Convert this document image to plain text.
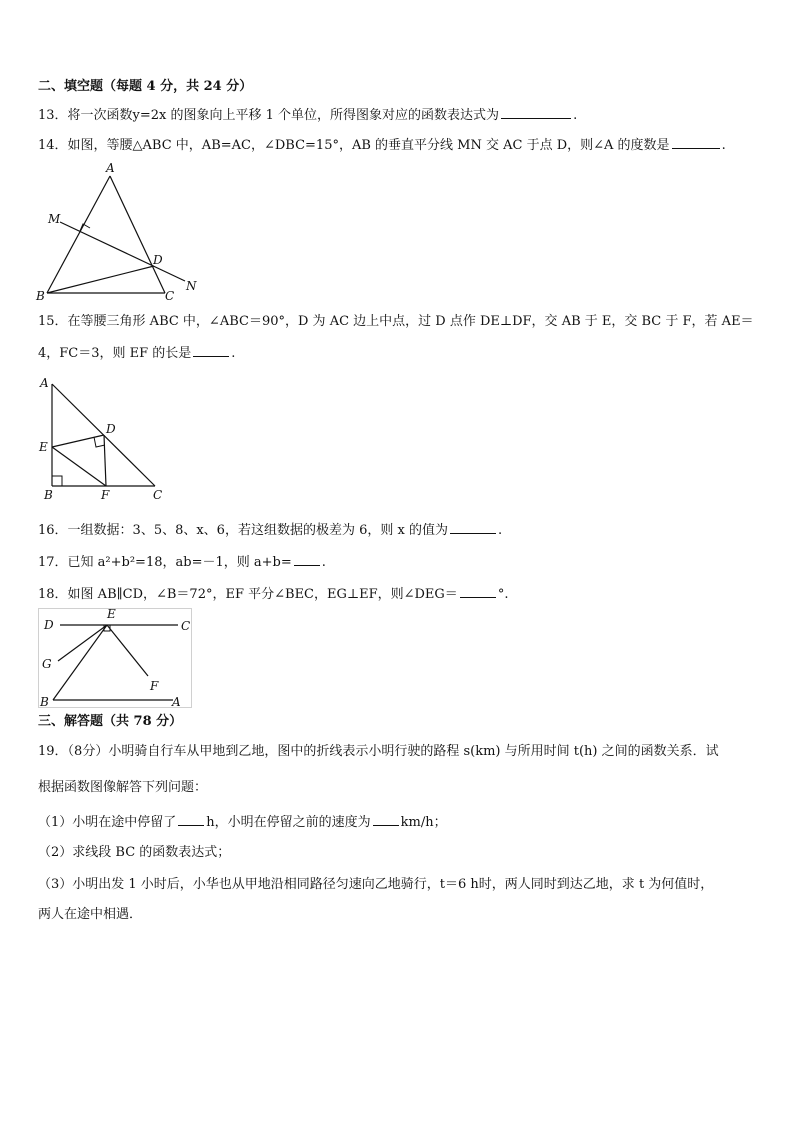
二、填空题（每题 4 分，共 24 分）
13．将一次函数y=2x 的图象向上平移 1 个单位，所得图象对应的函数表达式为	.
14．如图，等腰△ABC 中，AB=AC，∠DBC=15°，AB 的垂直平分线 MN 交 AC 于点 D，则∠A 的度数是	.
A
M
D
N
B	C
15．在等腰三角形 ABC 中，∠ABC＝90°，D 为 AC 边上中点，过 D 点作 DE⊥DF，交 AB 于 E，交 BC 于 F，若 AE＝
4，FC＝3，则 EF 的长是	.
A
D
E
B	F	C
16．一组数据：3、5、8、x、6，若这组数据的极差为 6，则 x 的值为	.
17．已知 a²+b²=18，ab=－1，则 a+b= .
18．如图 AB∥CD，∠B＝72°，EF 平分∠BEC，EG⊥EF，则∠DEG＝	°.
E
D	C
G
F
B	A
三、解答题（共 78 分）
19．（8分）小明骑自行车从甲地到乙地，图中的折线表示小明行驶的路程 s(km) 与所用时间 t(h) 之间的函数关系．试
根据函数图像解答下列问题：
（1）小明在途中停留了 h，小明在停留之前的速度为 km/h；
（2）求线段 BC 的函数表达式；
（3）小明出发 1 小时后，小华也从甲地沿相同路径匀速向乙地骑行，t＝6 h时，两人同时到达乙地，求 t 为何值时，
两人在途中相遇．
